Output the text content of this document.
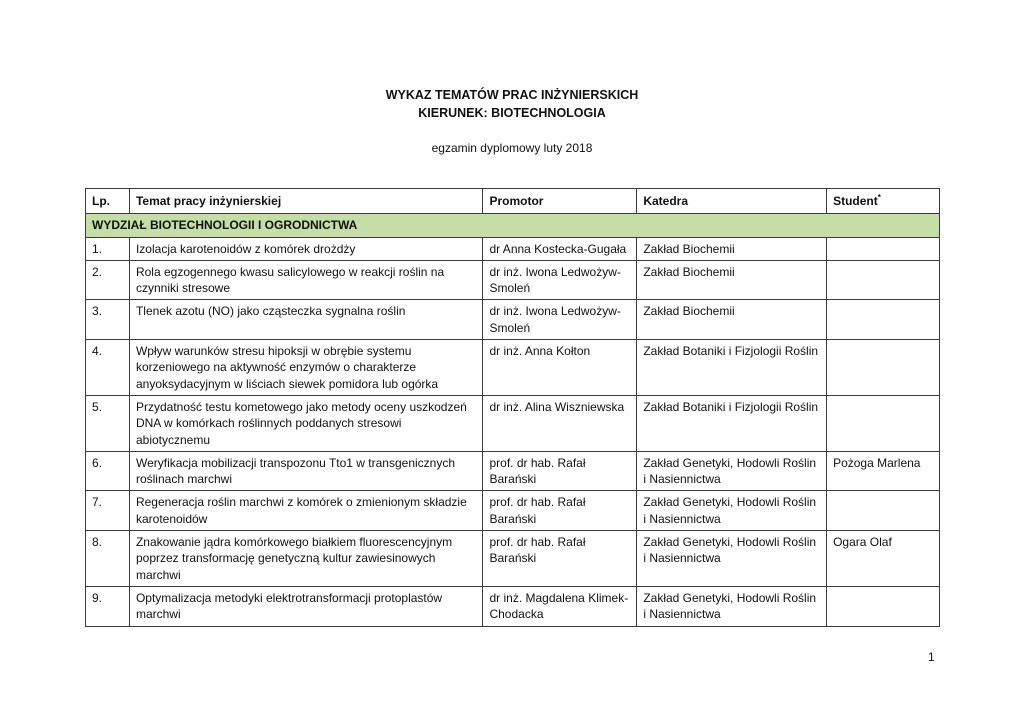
WYKAZ TEMATÓW PRAC INŻYNIERSKICH
KIERUNEK: BIOTECHNOLOGIA
egzamin dyplomowy luty 2018
Lp.	Temat pracy inżynierskiej	Promotor	Katedra	Student*
WYDZIAŁ BIOTECHNOLOGII I OGRODNICTWA				
1.	Izolacja karotenoidów z komórek drożdży	dr Anna Kostecka-Gugała	Zakład Biochemii	
2.	Rola egzogennego kwasu salicylowego w reakcji roślin na czynniki stresowe	dr inż. Iwona Ledwożyw-Smoleń	Zakład Biochemii	
3.	Tlenek azotu (NO) jako cząsteczka sygnalna roślin	dr inż. Iwona Ledwożyw-Smoleń	Zakład Biochemii	
4.	Wpływ warunków stresu hipoksji w obrębie systemu korzeniowego na aktywność enzymów o charakterze anyoksydacyjnym w liściach siewek pomidora lub ogórka	dr inż. Anna Kołton	Zakład Botaniki i Fizjologii Roślin	
5.	Przydatność testu kometowego jako metody oceny uszkodzeń DNA w komórkach roślinnych poddanych stresowi abiotycznemu	dr inż. Alina Wiszniewska	Zakład Botaniki i Fizjologii Roślin	
6.	Weryfikacja mobilizacji transpozonu Tto1 w transgenicznych roślinach marchwi	prof. dr hab. Rafał Barański	Zakład Genetyki, Hodowli Roślin i Nasiennictwa	Pożoga Marlena
7.	Regeneracja roślin marchwi z komórek o zmienionym składzie karotenoidów	prof. dr hab. Rafał Barański	Zakład Genetyki, Hodowli Roślin i Nasiennictwa	
8.	Znakowanie jądra komórkowego białkiem fluorescencyjnym poprzez transformację genetyczną kultur zawiesinowych marchwi	prof. dr hab. Rafał Barański	Zakład Genetyki, Hodowli Roślin i Nasiennictwa	Ogara Olaf
9.	Optymalizacja metodyki elektrotransformacji protoplastów marchwi	dr inż. Magdalena Klimek-Chodacka	Zakład Genetyki, Hodowli Roślin i Nasiennictwa	
1
